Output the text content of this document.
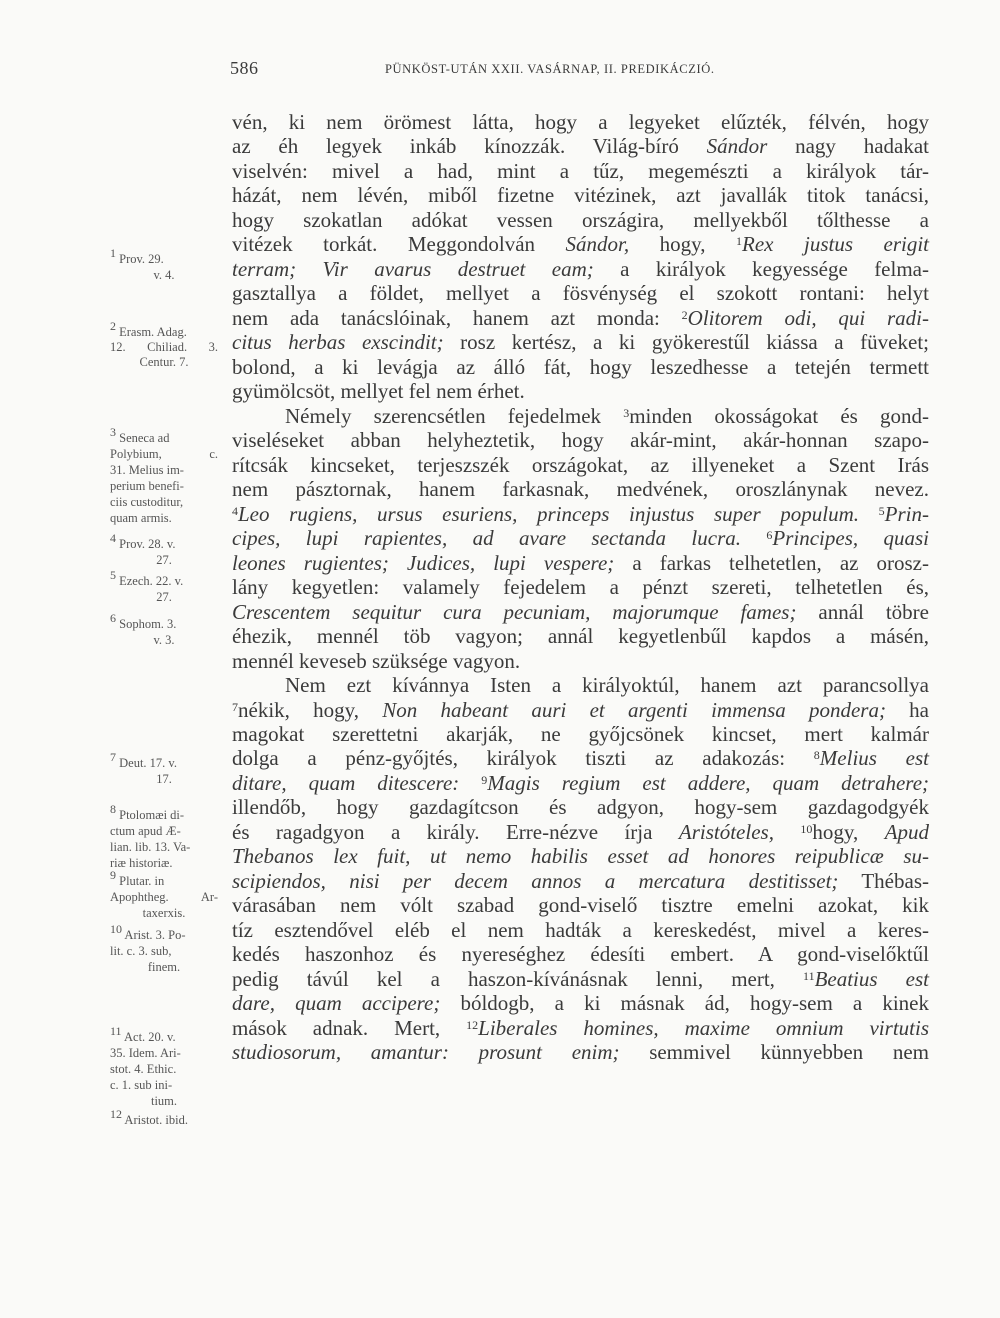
586	PÜNKÖST-UTÁN XXII. VASÁRNAP, II. PREDIKÁCZIÓ.
vén, ki nem örömest látta, hogy a legyeket elűzték, félvén, hogy
az éh legyek inkáb kínozzák. Világ-bíró Sándor nagy hadakat
viselvén: mivel a had, mint a tűz, megemészti a királyok tár-
házát, nem lévén, miből fizetne vitézinek, azt javallák titok tanácsi,
hogy szokatlan adókat vessen országira, mellyekből tőlthesse a
vitézek torkát. Meggondolván Sándor, hogy, $^1$Rex justus erigit
terram; Vir avarus destruet eam; a királyok kegyessége felma-
gasztallya a földet, mellyet a fösvénység el szokott rontani: helyt
nem ada tanácslóinak, hanem azt monda: $^2$Olitorem odi, qui radi-
citus herbas exscindit; rosz kertész, a ki gyökerestűl kiássa a füveket;
bolond, a ki levágja az álló fát, hogy leszedhesse a tetején termett
gyümölcsöt, mellyet fel nem érhet.
Némely szerencsétlen fejedelmek $^3$minden okosságokat és gond-
viseléseket abban helyheztetik, hogy akár-mint, akár-honnan szapo-
rítcsák kincseket, terjeszszék országokat, az illyeneket a Szent Irás
nem pásztornak, hanem farkasnak, medvének, oroszlánynak nevez.
$^4$Leo rugiens, ursus esuriens, princeps injustus super populum. $^5$Prin-
cipes, lupi rapientes, ad avare sectanda lucra. $^6$Principes, quasi
leones rugientes; Judices, lupi vespere; a farkas telhetetlen, az orosz-
lány kegyetlen: valamely fejedelem a pénzt szereti, telhetetlen és,
Crescentem sequitur cura pecuniam, majorumque fames; annál töbre
éhezik, mennél töb vagyon; annál kegyetlenbűl kapdos a másén,
mennél keveseb szüksége vagyon.
Nem ezt kívánnya Isten a királyoktúl, hanem azt parancsollya
$^7$nékik, hogy, Non habeant auri et argenti immensa pondera; ha
magokat szerettetni akarják, ne győjcsönek kincset, mert kalmár
dolga a pénz-győjtés, királyok tiszti az adakozás: $^8$Melius est
ditare, quam ditescere: $^9$Magis regium est addere, quam detrahere;
illendőb, hogy gazdagítcson és adgyon, hogy-sem gazdagodgyék
és ragadgyon a király. Erre-nézve írja Aristóteles, $^{10}$hogy, Apud
Thebanos lex fuit, ut nemo habilis esset ad honores reipublicæ su-
scipiendos, nisi per decem annos a mercatura destitisset; Thébas-
várasában nem vólt szabad gond-viselő tisztre emelni azokat, kik
tíz esztendővel eléb el nem hadták a kereskedést, mivel a keres-
kedés haszonhoz és nyereséghez édesíti embert. A gond-viselőktűl
pedig távúl kel a haszon-kívánásnak lenni, mert, $^{11}$Beatius est
dare, quam accipere; bóldogb, a ki másnak ád, hogy-sem a kinek
mások adnak. Mert, $^{12}$Liberales homines, maxime omnium virtutis
studiosorum, amantur: prosunt enim; semmivel künnyebben nem
$^1$ Prov. 29.
v. 4.
$^2$ Erasm. Adag.
12. Chiliad. 3.
Centur. 7.
$^3$ Seneca ad
Polybium, c.
31. Melius im-
perium benefi-
ciis custoditur,
quam armis.
$^4$ Prov. 28. v.
27.
$^5$ Ezech. 22. v.
27.
$^6$ Sophom. 3.
v. 3.
$^7$ Deut. 17. v.
17.
$^8$ Ptolomæi di-
ctum apud Æ-
lian. lib. 13. Va-
riæ historiæ.
$^9$ Plutar. in
Apophtheg. Ar-
taxerxis.
$^{10}$ Arist. 3. Po-
lit. c. 3. sub,
finem.
$^{11}$ Act. 20. v.
35. Idem. Ari-
stot. 4. Ethic.
c. 1. sub ini-
tium.
$^{12}$ Aristot. ibid.
